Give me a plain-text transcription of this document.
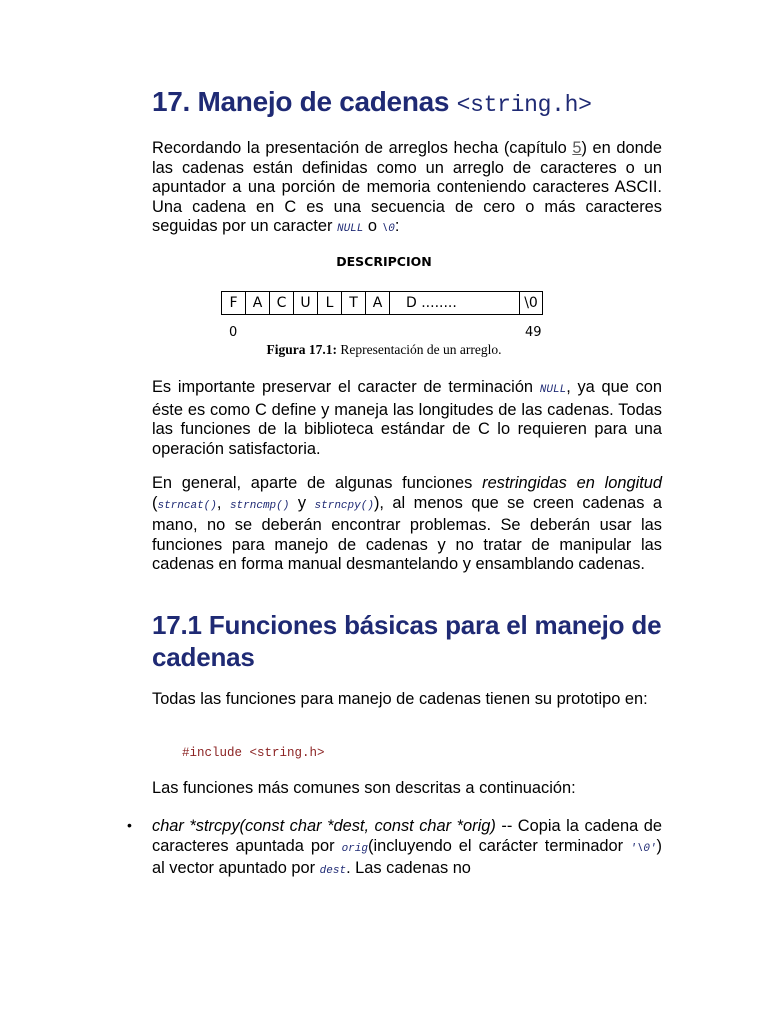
17. Manejo de cadenas <string.h>

Recordando la presentación de arreglos hecha (capítulo 5) en donde las cadenas están definidas como un arreglo de caracteres o un apuntador a una porción de memoria conteniendo caracteres ASCII. Una cadena en C es una secuencia de cero o más caracteres seguidas por un caracter NULL o \0:

DESCRIPCION
F	A	C U	L	T	A	D ........	\0
0	49
Figura 17.1: Representación de un arreglo.

Es importante preservar el caracter de terminación NULL, ya que con éste es como C define y maneja las longitudes de las cadenas. Todas las funciones de la biblioteca estándar de C lo requieren para una operación satisfactoria.

En general, aparte de algunas funciones restringidas en longitud (strncat(), strncmp() y strncpy()), al menos que se creen cadenas a mano, no se deberán encontrar problemas. Se deberán usar las funciones para manejo de cadenas y no tratar de manipular las cadenas en forma manual desmantelando y ensamblando cadenas.

17.1 Funciones básicas para el manejo de cadenas

Todas las funciones para manejo de cadenas tienen su prototipo en:

#include <string.h>

Las funciones más comunes son descritas a continuación:

• char *strcpy(const char *dest, const char *orig) -- Copia la cadena de caracteres apuntada por orig(incluyendo el carácter terminador '\0') al vector apuntado por dest. Las cadenas no
